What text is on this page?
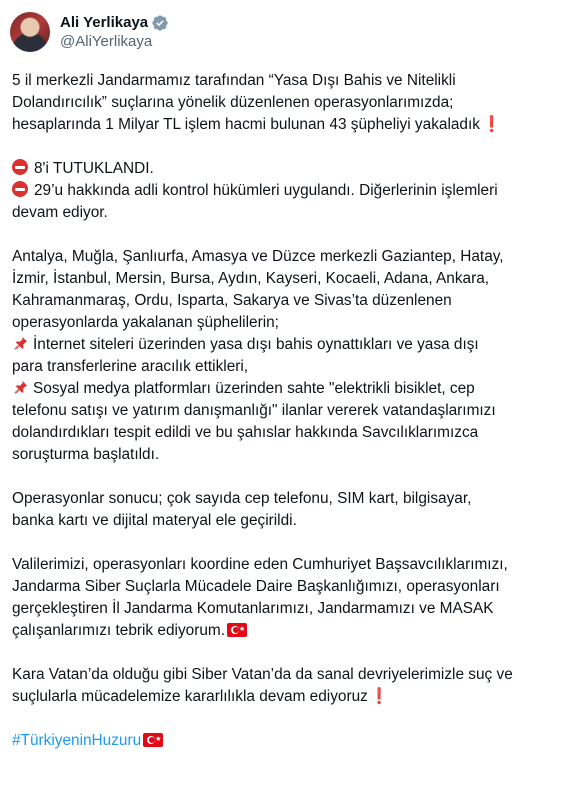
Ali Yerlikaya
@AliYerlikaya
5 il merkezli Jandarmamız tarafından “Yasa Dışı Bahis ve Nitelikli
Dolandırıcılık” suçlarına yönelik düzenlenen operasyonlarımızda;
hesaplarında 1 Milyar TL işlem hacmi bulunan 43 şüpheliyi yakaladık ❗
8'i TUTUKLANDI.
29’u hakkında adli kontrol hükümleri uygulandı. Diğerlerinin işlemleri
devam ediyor.
Antalya, Muğla, Şanlıurfa, Amasya ve Düzce merkezli Gaziantep, Hatay,
İzmir, İstanbul, Mersin, Bursa, Aydın, Kayseri, Kocaeli, Adana, Ankara,
Kahramanmaraş, Ordu, Isparta, Sakarya ve Sivas’ta düzenlenen
operasyonlarda yakalanan şüphelilerin;
İnternet siteleri üzerinden yasa dışı bahis oynattıkları ve yasa dışı
para transferlerine aracılık ettikleri,
Sosyal medya platformları üzerinden sahte "elektrikli bisiklet, cep
telefonu satışı ve yatırım danışmanlığı" ilanlar vererek vatandaşlarımızı
dolandırdıkları tespit edildi ve bu şahıslar hakkında Savcılıklarımızca
soruşturma başlatıldı.
Operasyonlar sonucu; çok sayıda cep telefonu, SIM kart, bilgisayar,
banka kartı ve dijital materyal ele geçirildi.
Valilerimizi, operasyonları koordine eden Cumhuriyet Başsavcılıklarımızı,
Jandarma Siber Suçlarla Mücadele Daire Başkanlığımızı, operasyonları
gerçekleştiren İl Jandarma Komutanlarımızı, Jandarmamızı ve MASAK
çalışanlarımızı tebrik ediyorum. ★
Kara Vatan’da olduğu gibi Siber Vatan’da da sanal devriyelerimizle suç ve
suçlularla mücadelemize kararlılıkla devam ediyoruz ❗
#TürkiyeninHuzuru ★
